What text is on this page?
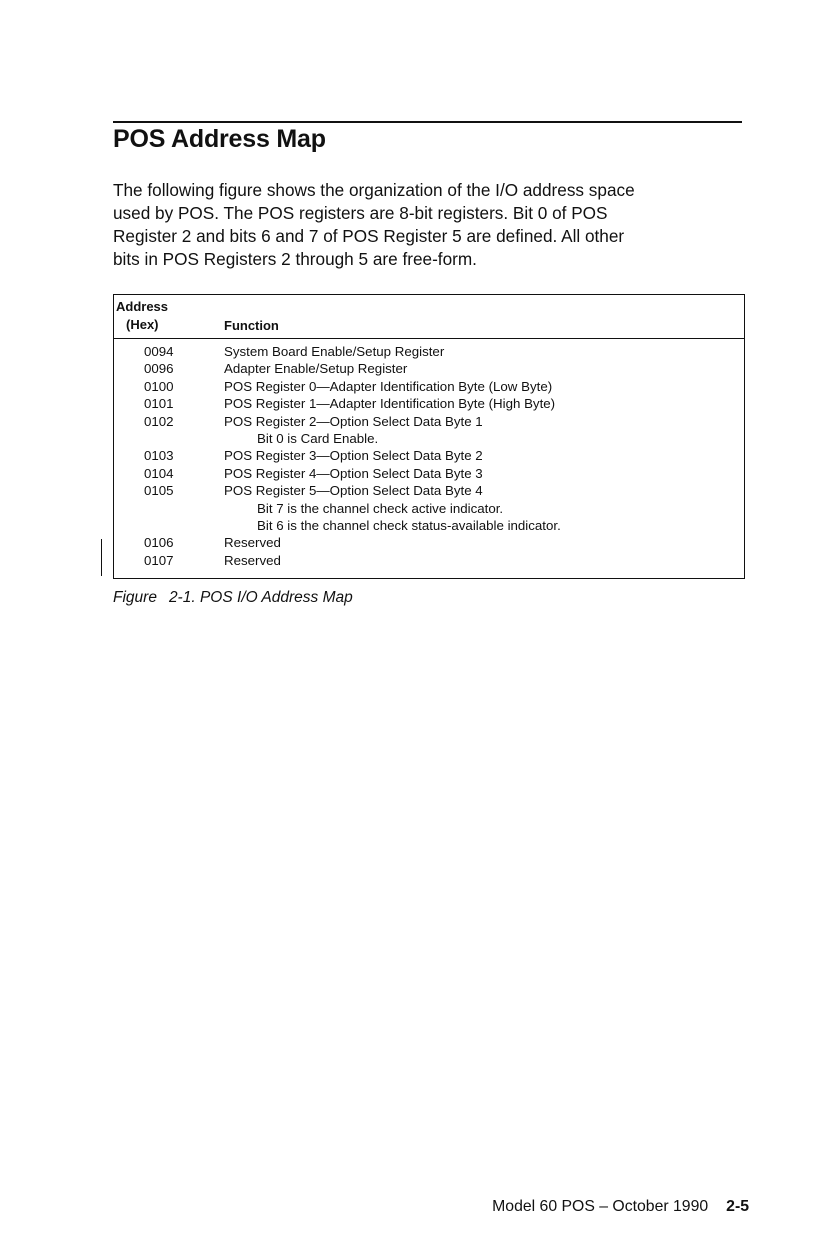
POS Address Map
The following figure shows the organization of the I/O address space
used by POS. The POS registers are 8-bit registers. Bit 0 of POS
Register 2 and bits 6 and 7 of POS Register 5 are defined. All other
bits in POS Registers 2 through 5 are free-form.
Address
(Hex)	Function
0094	System Board Enable/Setup Register
0096	Adapter Enable/Setup Register
0100	POS Register 0—Adapter Identification Byte (Low Byte)
0101	POS Register 1—Adapter Identification Byte (High Byte)
0102	POS Register 2—Option Select Data Byte 1
Bit 0 is Card Enable.
0103	POS Register 3—Option Select Data Byte 2
0104	POS Register 4—Option Select Data Byte 3
0105	POS Register 5—Option Select Data Byte 4
Bit 7 is the channel check active indicator.
Bit 6 is the channel check status-available indicator.
0106	Reserved
0107	Reserved
Figure 2-1. POS I/O Address Map
Model 60 POS – October 1990 2-5
